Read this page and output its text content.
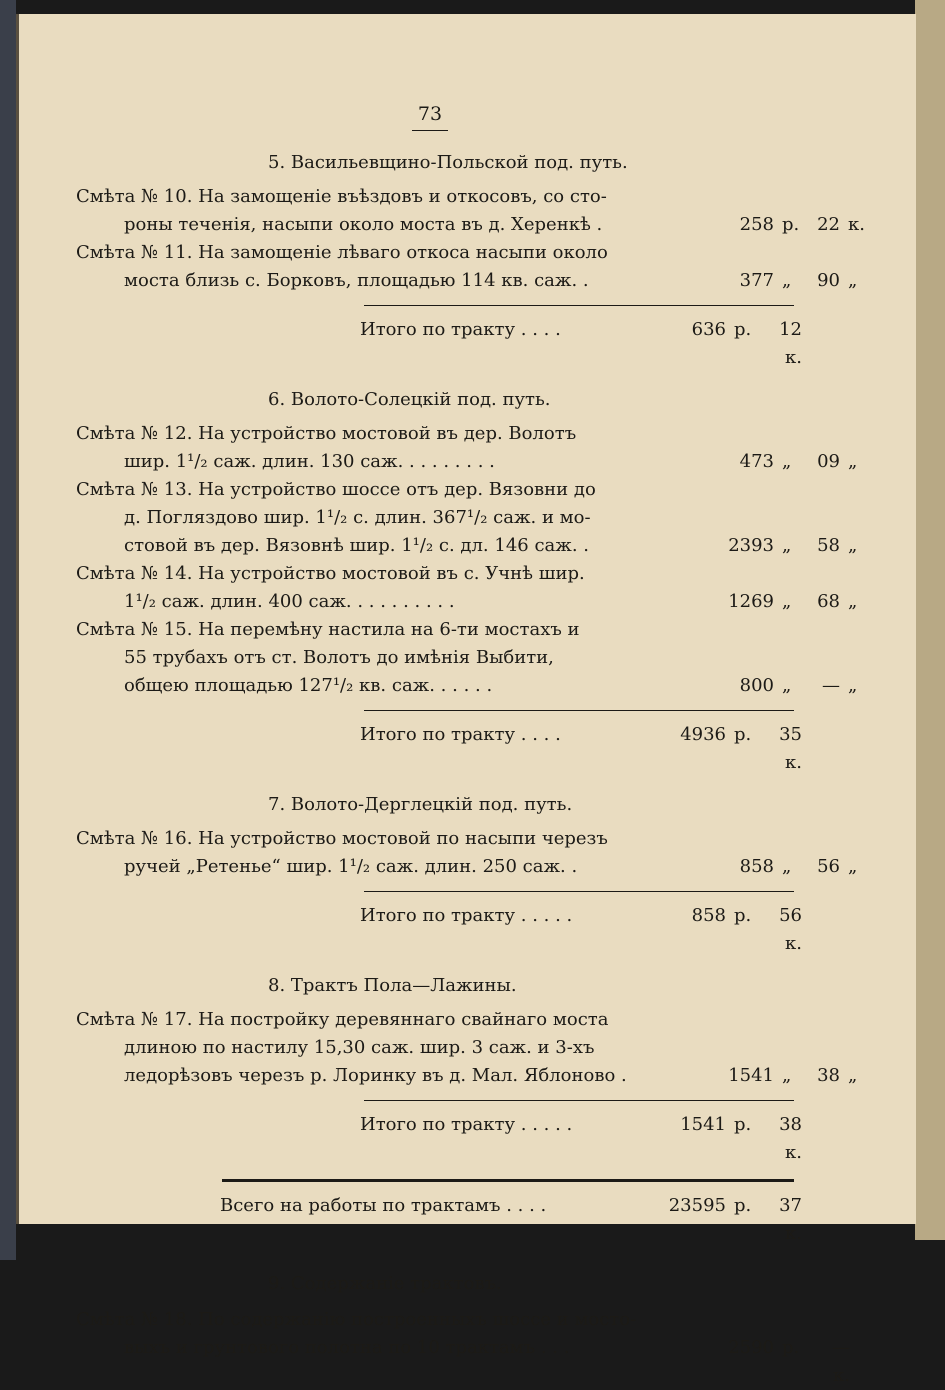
73
5. Васильевщино-Польской под. путь.
Смѣта № 10. На замощеніе въѣздовъ и откосовъ, со сто-
роны теченія, насыпи около моста въ д. Херенкѣ .	258 р. 22 к.
Смѣта № 11. На замощеніе лѣваго откоса насыпи около
моста близь с. Борковъ, площадью 114 кв. саж. .	377 „	90 „
Итого по тракту . . . .	636 р.	12 к.
6. Волото-Солецкій под. путь.
Смѣта № 12. На устройство мостовой въ дер. Волотъ
шир. 1¹/₂ саж. длин. 130 саж. . . . . . . . .	473 „	09 „
Смѣта № 13. На устройство шоссе отъ дер. Вязовни до
д. Погляздово шир. 1¹/₂ с. длин. 367¹/₂ саж. и мо-
стовой въ дер. Вязовнѣ шир. 1¹/₂ с. дл. 146 саж. .	2393 „	58 „
Смѣта № 14. На устройство мостовой въ с. Учнѣ шир.
1¹/₂ саж. длин. 400 саж. . . . . . . . . .	1269 „	68 „
Смѣта № 15. На перемѣну настила на 6-ти мостахъ и
55 трубахъ отъ ст. Волотъ до имѣнія Выбити,
общею площадью 127¹/₂ кв. саж. . . . . .	800 „	— „
Итого по тракту . . . .	4936 р.	35 к.
7. Волото-Дерглецкій под. путь.
Смѣта № 16. На устройство мостовой по насыпи черезъ
ручей „Ретенье“ шир. 1¹/₂ саж. длин. 250 саж. .	858 „	56 „
Итого по тракту . . . . .	858 р.	56 к.
8. Трактъ Пола—Лажины.
Смѣта № 17. На постройку деревяннаго свайнаго моста
длиною по настилу 15,30 саж. шир. 3 саж. и 3-хъ
ледорѣзовъ черезъ р. Лоринку въ д. Мал. Яблоново .	1541 „	38 „
Итого по тракту . . . . .	1541 р.	38 к.
Всего на работы по трактамъ . . . .	23595 р.	37 к.
9. Содержаніе трактовъ.
Смѣта № 18. По содержанію построенныхъ шоссе и мосто-
выхъ и грунтового полотна по 10 трактамъ . . .	2590 р.	— к.
